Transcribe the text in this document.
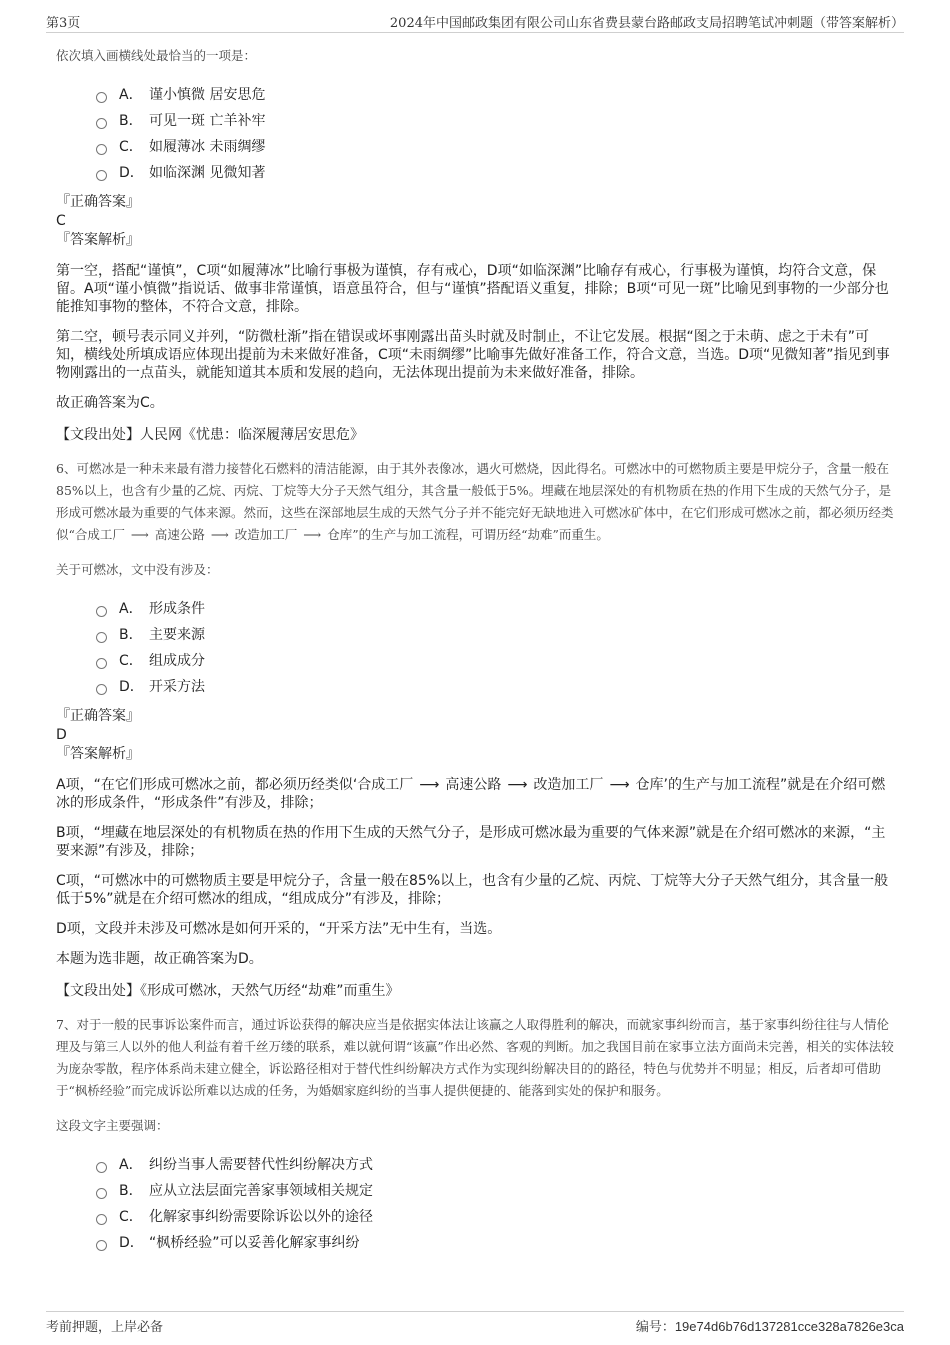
第3页	2024年中国邮政集团有限公司山东省费县蒙台路邮政支局招聘笔试冲刺题（带答案解析）

依次填入画横线处最恰当的一项是：

A． 谨小慎微 居安思危
B． 可见一斑 亡羊补牢
C． 如履薄冰 未雨绸缪
D． 如临深渊 见微知著

『正确答案』

C

『答案解析』

第一空，搭配“谨慎”，C项“如履薄冰”比喻行事极为谨慎，存有戒心，D项“如临深渊”比喻存有戒心，行事极为谨慎，均符合文意，保留。A项“谨小慎微”指说话、做事非常谨慎，语意虽符合，但与“谨慎”搭配语义重复，排除；B项“可见一斑”比喻见到事物的一少部分也能推知事物的整体，不符合文意，排除。

第二空，顿号表示同义并列，“防微杜渐”指在错误或坏事刚露出苗头时就及时制止，不让它发展。根据“图之于未萌、虑之于未有”可知，横线处所填成语应体现出提前为未来做好准备，C项“未雨绸缪”比喻事先做好准备工作，符合文意，当选。D项“见微知著”指见到事物刚露出的一点苗头，就能知道其本质和发展的趋向，无法体现出提前为未来做好准备，排除。

故正确答案为C。

【文段出处】人民网《忧患：临深履薄居安思危》

6、可燃冰是一种未来最有潜力接替化石燃料的清洁能源，由于其外表像冰，遇火可燃烧，因此得名。可燃冰中的可燃物质主要是甲烷分子，含量一般在85%以上，也含有少量的乙烷、丙烷、丁烷等大分子天然气组分，其含量一般低于5%。埋藏在地层深处的有机物质在热的作用下生成的天然气分子，是形成可燃冰最为重要的气体来源。然而，这些在深部地层生成的天然气分子并不能完好无缺地进入可燃冰矿体中，在它们形成可燃冰之前，都必须历经类似“合成工厂 ⟶ 高速公路 ⟶ 改造加工厂 ⟶ 仓库”的生产与加工流程，可谓历经“劫难”而重生。

关于可燃冰，文中没有涉及：

A． 形成条件
B． 主要来源
C． 组成成分
D． 开采方法

『正确答案』

D

『答案解析』

A项，“在它们形成可燃冰之前，都必须历经类似‘合成工厂 ⟶ 高速公路 ⟶ 改造加工厂 ⟶ 仓库’的生产与加工流程”就是在介绍可燃冰的形成条件，“形成条件”有涉及，排除；

B项，“埋藏在地层深处的有机物质在热的作用下生成的天然气分子，是形成可燃冰最为重要的气体来源”就是在介绍可燃冰的来源，“主要来源”有涉及，排除；

C项，“可燃冰中的可燃物质主要是甲烷分子，含量一般在85%以上，也含有少量的乙烷、丙烷、丁烷等大分子天然气组分，其含量一般低于5%”就是在介绍可燃冰的组成，“组成成分”有涉及，排除；

D项，文段并未涉及可燃冰是如何开采的，“开采方法”无中生有，当选。

本题为选非题，故正确答案为D。

【文段出处】《形成可燃冰，天然气历经“劫难”而重生》

7、对于一般的民事诉讼案件而言，通过诉讼获得的解决应当是依据实体法让该赢之人取得胜利的解决，而就家事纠纷而言，基于家事纠纷往往与人情伦理及与第三人以外的他人利益有着千丝万缕的联系，难以就何谓“该赢”作出必然、客观的判断。加之我国目前在家事立法方面尚未完善，相关的实体法较为庞杂零散，程序体系尚未建立健全，诉讼路径相对于替代性纠纷解决方式作为实现纠纷解决目的的路径，特色与优势并不明显；相反，后者却可借助于“枫桥经验”而完成诉讼所难以达成的任务，为婚姻家庭纠纷的当事人提供便捷的、能落到实处的保护和服务。

这段文字主要强调：

A． 纠纷当事人需要替代性纠纷解决方式
B． 应从立法层面完善家事领域相关规定
C． 化解家事纠纷需要除诉讼以外的途径
D． “枫桥经验”可以妥善化解家事纠纷
考前押题，上岸必备	编号：19e74d6b76d137281cce328a7826e3ca
